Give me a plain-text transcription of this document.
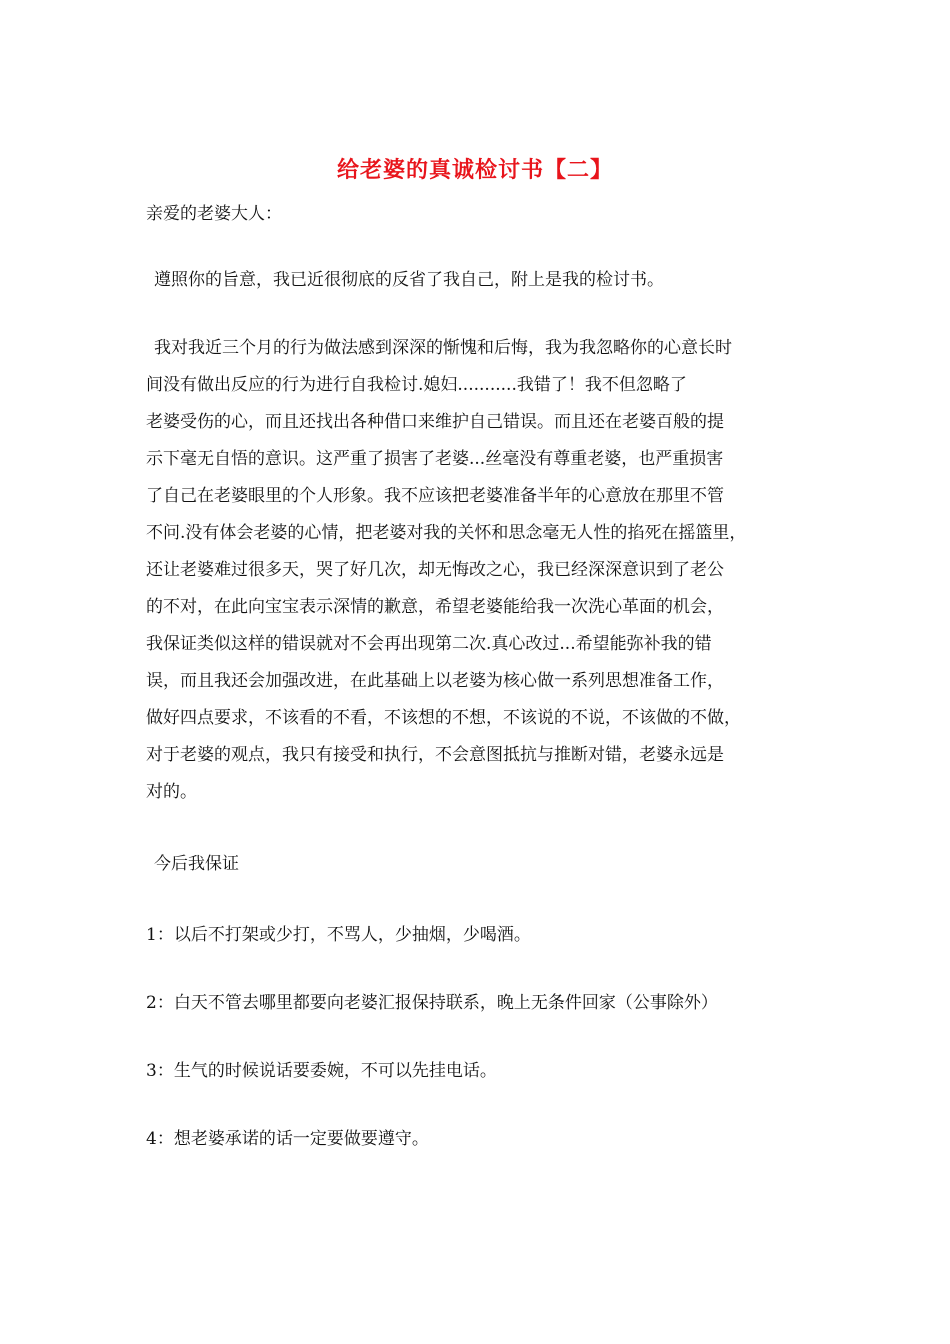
给老婆的真诚检讨书【二】
亲爱的老婆大人：
遵照你的旨意，我已近很彻底的反省了我自己，附上是我的检讨书。
我对我近三个月的行为做法感到深深的惭愧和后悔，我为我忽略你的心意长时
间没有做出反应的行为进行自我检讨.媳妇...........我错了！我不但忽略了
老婆受伤的心，而且还找出各种借口来维护自己错误。而且还在老婆百般的提
示下毫无自悟的意识。这严重了损害了老婆...丝毫没有尊重老婆，也严重损害
了自己在老婆眼里的个人形象。我不应该把老婆准备半年的心意放在那里不管
不问.没有体会老婆的心情，把老婆对我的关怀和思念毫无人性的掐死在摇篮里，
还让老婆难过很多天，哭了好几次，却无悔改之心，我已经深深意识到了老公
的不对，在此向宝宝表示深情的歉意，希望老婆能给我一次洗心革面的机会，
我保证类似这样的错误就对不会再出现第二次.真心改过...希望能弥补我的错
误，而且我还会加强改进，在此基础上以老婆为核心做一系列思想准备工作，
做好四点要求，不该看的不看，不该想的不想，不该说的不说，不该做的不做，
对于老婆的观点，我只有接受和执行，不会意图抵抗与推断对错，老婆永远是
对的。
今后我保证
1：以后不打架或少打，不骂人，少抽烟，少喝酒。
2：白天不管去哪里都要向老婆汇报保持联系，晚上无条件回家（公事除外）
3：生气的时候说话要委婉，不可以先挂电话。
4：想老婆承诺的话一定要做要遵守。
